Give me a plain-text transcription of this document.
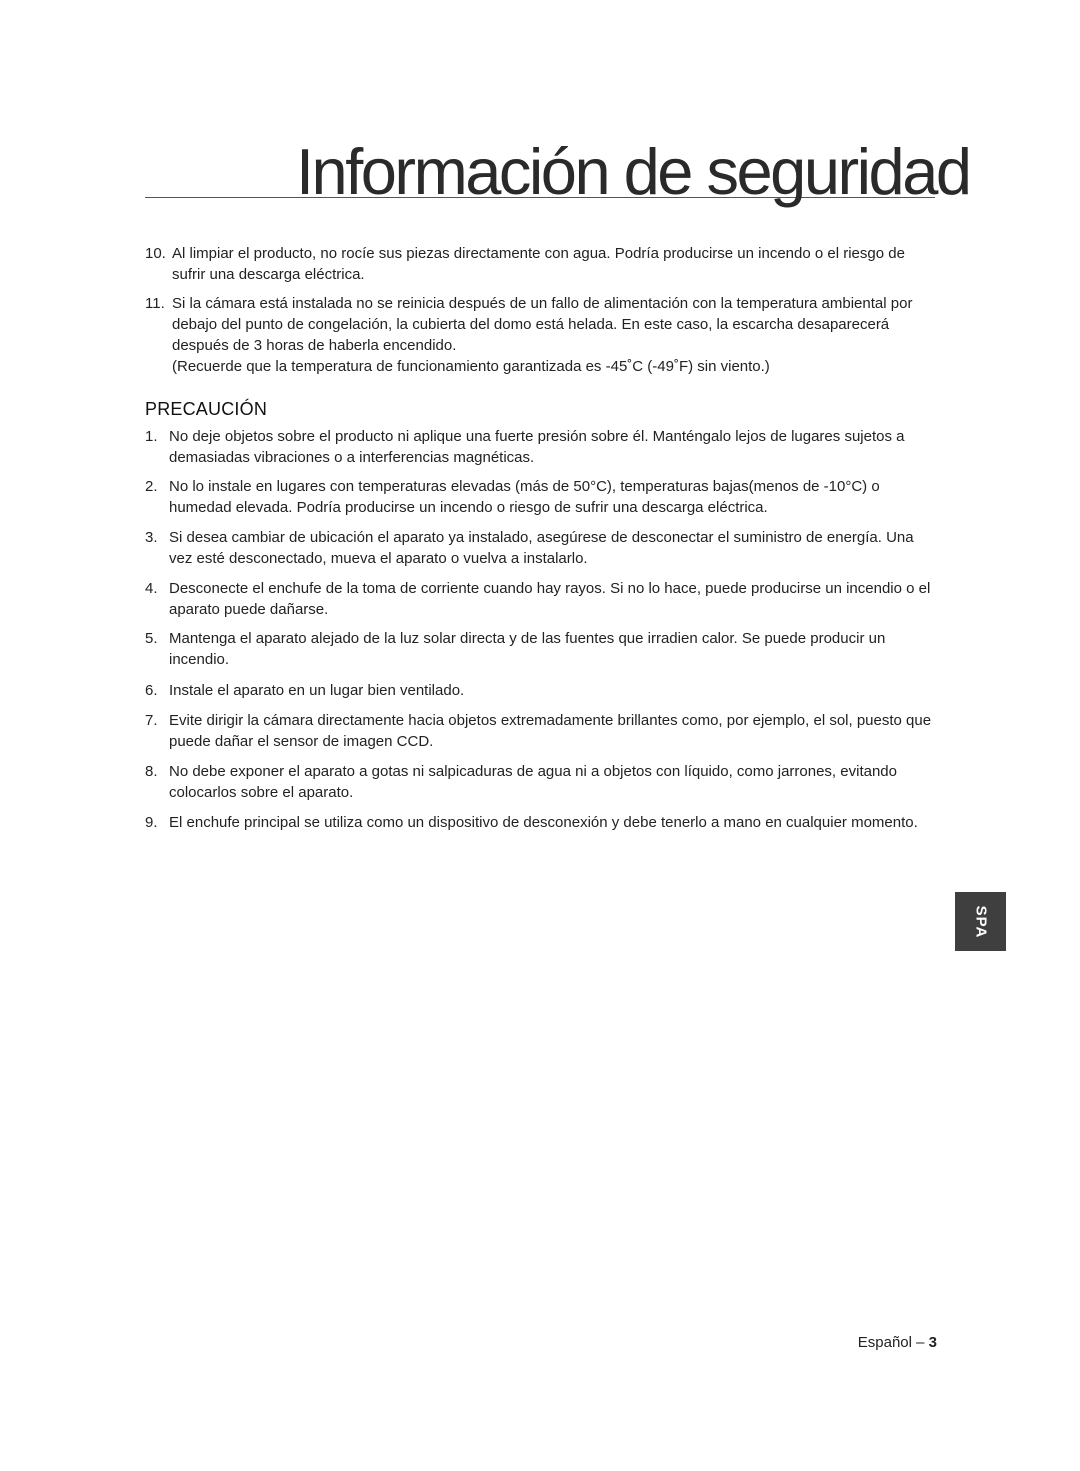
Información de seguridad
10. Al limpiar el producto, no rocíe sus piezas directamente con agua. Podría producirse un incendo o el riesgo de sufrir una descarga eléctrica.

11. Si la cámara está instalada no se reinicia después de un fallo de alimentación con la temperatura ambiental por debajo del punto de congelación, la cubierta del domo está helada. En este caso, la escarcha desaparecerá después de 3 horas de haberla encendido.

(Recuerde que la temperatura de funcionamiento garantizada es -45˚C (-49˚F) sin viento.)

PRECAUCIÓN
1. No deje objetos sobre el producto ni aplique una fuerte presión sobre él. Manténgalo lejos de lugares sujetos a demasiadas vibraciones o a interferencias magnéticas.

2. No lo instale en lugares con temperaturas elevadas (más de 50°C), temperaturas bajas(menos de -10°C) o humedad elevada. Podría producirse un incendo o riesgo de sufrir una descarga eléctrica.

3. Si desea cambiar de ubicación el aparato ya instalado, asegúrese de desconectar el suministro de energía. Una vez esté desconectado, mueva el aparato o vuelva a instalarlo.

4. Desconecte el enchufe de la toma de corriente cuando hay rayos. Si no lo hace, puede producirse un incendio o el aparato puede dañarse.

5. Mantenga el aparato alejado de la luz solar directa y de las fuentes que irradien calor. Se puede producir un incendio.

6. Instale el aparato en un lugar bien ventilado.

7. Evite dirigir la cámara directamente hacia objetos extremadamente brillantes como, por ejemplo, el sol, puesto que puede dañar el sensor de imagen CCD.

8. No debe exponer el aparato a gotas ni salpicaduras de agua ni a objetos con líquido, como jarrones, evitando colocarlos sobre el aparato.

9. El enchufe principal se utiliza como un dispositivo de desconexión y debe tenerlo a mano en cualquier momento.

SPA
Español – 3
